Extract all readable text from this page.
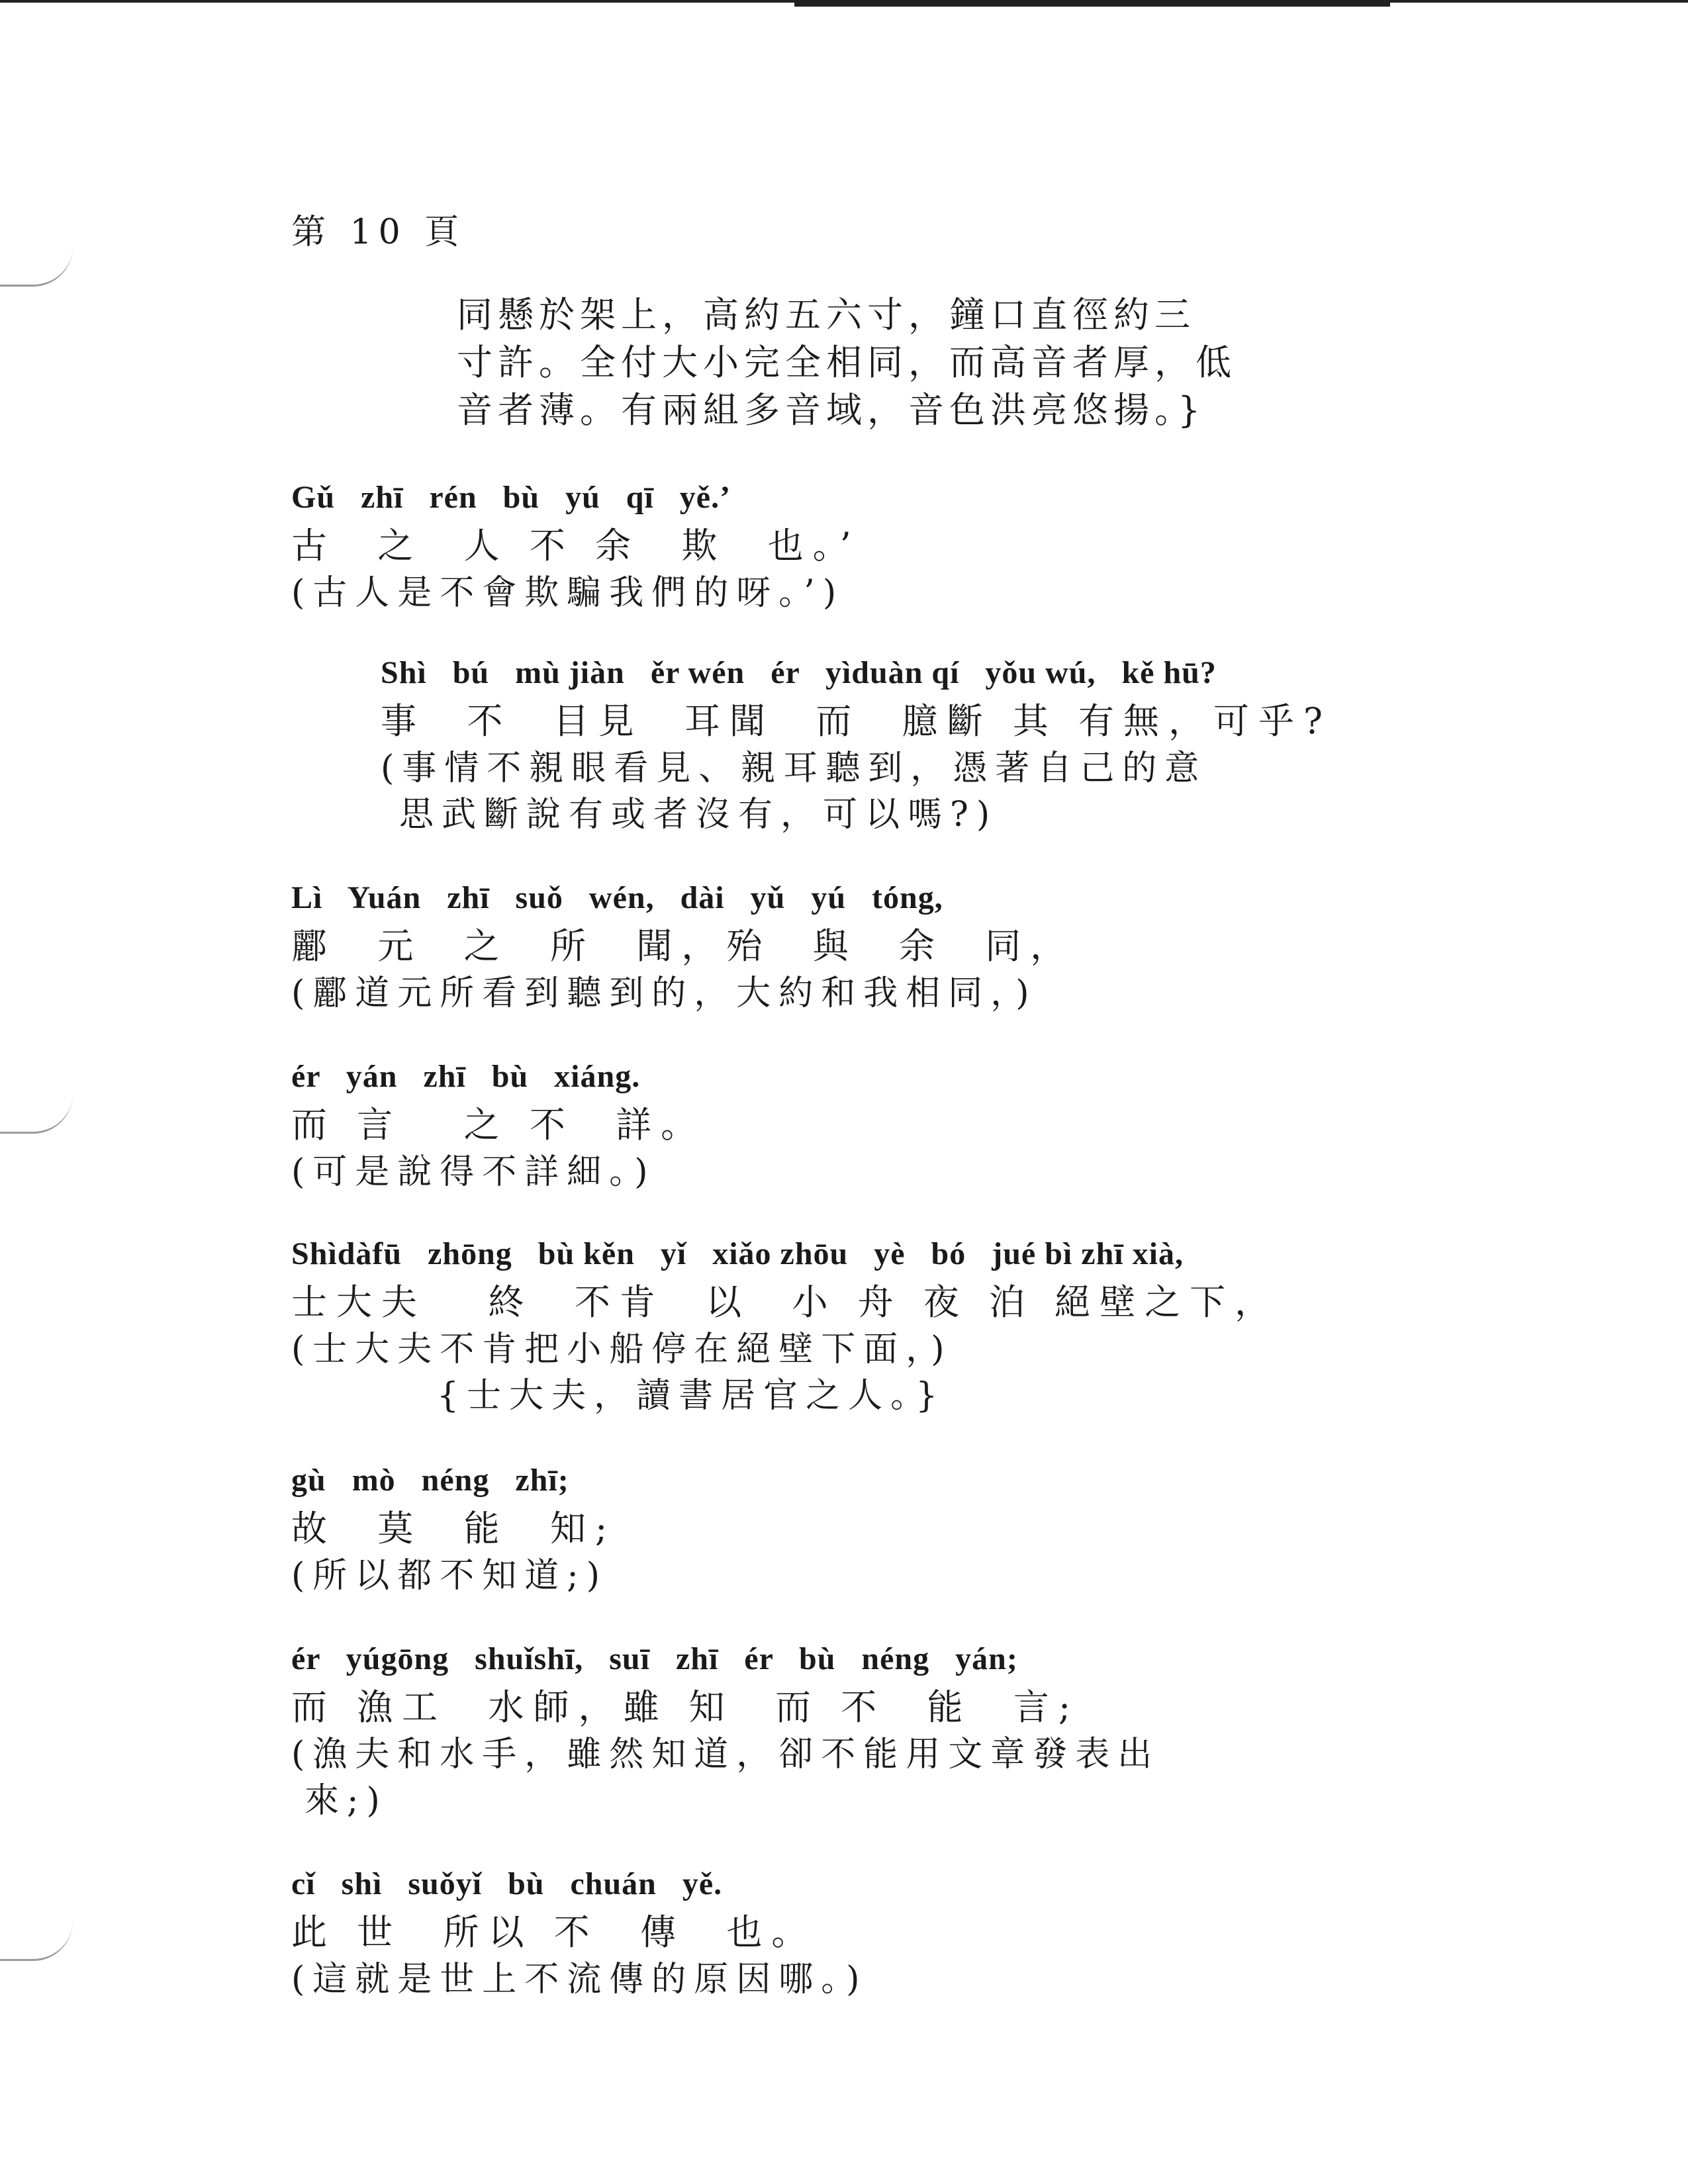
第 10 頁
同懸於架上，高約五六寸，鐘口直徑約三
寸許。全付大小完全相同，而高音者厚，低
音者薄。有兩組多音域，音色洪亮悠揚。}
Gǔ   zhī   rén   bù   yú   qī   yě.’
古  之  人 不 余  欺  也。’
(古人是不會欺騙我們的呀。’)
Shì   bú   mù jiàn   ěr wén   ér   yìduàn qí   yǒu wú,   kě hū?
事  不  目見  耳聞  而  臆斷 其 有無，可乎?
(事情不親眼看見、親耳聽到，憑著自己的意
思武斷說有或者沒有，可以嗎?)
Lì   Yuán   zhī   suǒ   wén,   dài   yǔ   yú   tóng,
酈  元  之  所  聞，殆  與  余  同，
(酈道元所看到聽到的，大約和我相同，)
ér   yán   zhī   bù   xiáng.
而 言   之 不  詳。
(可是說得不詳細。)
Shìdàfū   zhōng   bù kěn   yǐ   xiǎo zhōu   yè   bó   jué bì zhī xià,
士大夫   終  不肯  以  小 舟 夜 泊 絕壁之下，
(士大夫不肯把小船停在絕壁下面，)
{士大夫，讀書居官之人。}
gù   mò   néng   zhī;
故  莫  能  知;
(所以都不知道;)
ér   yúgōng   shuǐshī,   suī   zhī   ér   bù   néng   yán;
而 漁工  水師，雖 知  而 不  能  言;
(漁夫和水手，雖然知道，卻不能用文章發表出
來;)
cǐ   shì   suǒyǐ   bù   chuán   yě.
此 世  所以 不  傳  也。
(這就是世上不流傳的原因哪。)
